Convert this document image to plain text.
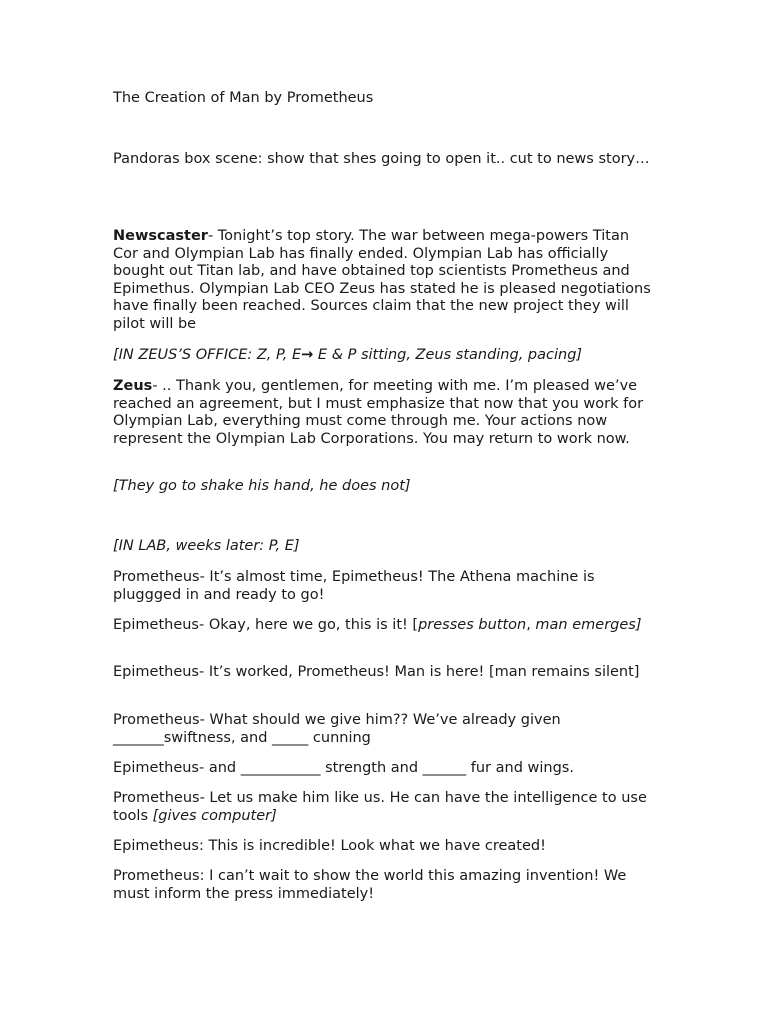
The Creation of Man by Prometheus

Pandoras box scene: show that shes going to open it.. cut to news story…

Newscaster- Tonight’s top story. The war between mega-powers Titan Cor and Olympian Lab has finally ended. Olympian Lab has officially bought out Titan lab, and have obtained top scientists Prometheus and Epimethus. Olympian Lab CEO Zeus has stated he is pleased negotiations have finally been reached. Sources claim that the new project they will pilot will be

[IN ZEUS’S OFFICE: Z, P, E→ E & P sitting, Zeus standing, pacing]

Zeus- .. Thank you, gentlemen, for meeting with me. I’m pleased we’ve reached an agreement, but I must emphasize that now that you work for Olympian Lab, everything must come through me. Your actions now represent the Olympian Lab Corporations. You may return to work now.

[They go to shake his hand, he does not]

[IN LAB, weeks later: P, E]

Prometheus- It’s almost time, Epimetheus! The Athena machine is pluggged in and ready to go!

Epimetheus- Okay, here we go, this is it! [presses button, man emerges]

Epimetheus- It’s worked, Prometheus! Man is here! [man remains silent]

Prometheus- What should we give him?? We’ve already given _______swiftness, and _____ cunning

Epimetheus- and ___________ strength and ______ fur and wings.

Prometheus- Let us make him like us. He can have the intelligence to use tools [gives computer]

Epimetheus: This is incredible! Look what we have created!

Prometheus: I can’t wait to show the world this amazing invention! We must inform the press immediately!
